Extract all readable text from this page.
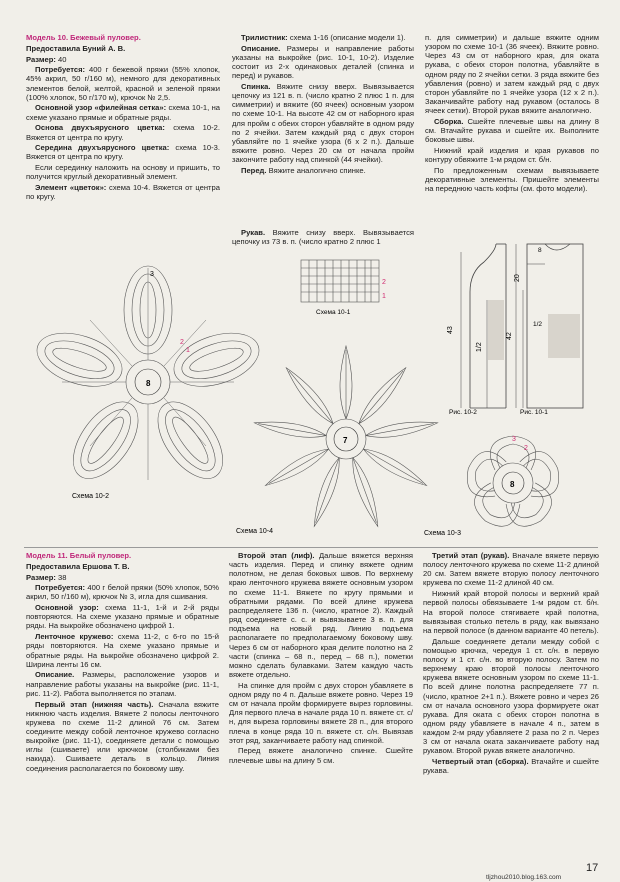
Модель 10. Бежевый пуловер.

Предоставила Буний А. В.

Размер: 40

Потребуется: 400 г бежевой пряжи (55% хлопок, 45% акрил, 50 г/160 м), немного для декоративных элементов белой, желтой, красной и зеленой пряжи (100% хлопок, 50 г/170 м), крючок № 2,5.

Основной узор «филейная сетка»: схема 10-1, на схеме указано прямые и обратные ряды.

Основа двухъярусного цветка: схема 10-2. Вяжется от центра по кругу.

Середина двухъярусного цветка: схема 10-3. Вяжется от центра по кругу.

Если серединку наложить на основу и пришить, то получится круглый декоративный элемент.

Элемент «цветок»: схема 10-4. Вяжется от центра по кругу.

Трилистник: схема 1-16 (описание модели 1).

Описание. Размеры и направление работы указаны на выкройке (рис. 10-1, 10-2). Изделие состоит из 2-х одинаковых деталей (спинка и перед) и рукавов.

Спинка. Вяжите снизу вверх. Вывязывается цепочку из 121 в. п. (число кратно 2 плюс 1 п. для симметрии) и вяжите (60 ячеек) основным узором по схеме 10-1. На высоте 42 см от наборного края для пройм с обеих сторон убавляйте в одном ряду по 2 ячейки. Затем каждый ряд с двух сторон убавляйте по 1 ячейке узора (6 х 2 п.). Дальше вяжите ровно. Через 20 см от начала пройм закончите работу над спинкой (44 ячейки).

Перед. Вяжите аналогично спинке.

Рукав. Вяжите снизу вверх. Вывязывается цепочку из 73 в. п. (число кратно 2 плюс 1

п. для симметрии) и дальше вяжите одним узором по схеме 10-1 (36 ячеек). Вяжите ровно. Через 43 см от наборного края, для оката рукава, с обеих сторон полотна, убавляйте в одном ряду по 2 ячейки сетки. 3 ряда вяжите без убавления (ровно) и затем каждый ряд с двух сторон убавляйте по 1 ячейке узора (12 х 2 п.). Заканчивайте работу над рукавом (осталось 8 ячеек сетки). Второй рукав вяжите аналогично.

Сборка. Сшейте плечевые швы на длину 8 см. Втачайте рукава и сшейте их. Выполните боковые швы.

Нижний край изделия и края рукавов по контуру обвяжите 1-м рядом ст. б/н.

По предложенным схемам вывязываете декоративные элементы. Пришейте элементы на переднюю часть кофты (см. фото модели).

8
3
2
1
Схема 10-2
2
1
Схема 10-1
43
1/2
Рис. 10-2
8
42
20
1/2
Рис. 10-1
7
Схема 10-4
8
3
2
Схема 10-3

Модель 11. Белый пуловер.

Предоставила Ершова Т. В.

Размер: 38

Потребуется: 400 г белой пряжи (50% хлопок, 50% акрил, 50 г/160 м), крючок № 3, игла для сшивания.

Основной узор: схема 11-1, 1-й и 2-й ряды повторяются. На схеме указано прямые и обратные ряды. На выкройке обозначено цифрой 1.

Ленточное кружево: схема 11-2, с 6-го по 15-й ряды повторяются. На схеме указано прямые и обратные ряды. На выкройке обозначено цифрой 2. Ширина ленты 16 см.

Описание. Размеры, расположение узоров и направление работы указаны на выкройке (рис. 11-1, рис. 11-2). Работа выполняется по этапам.

Первый этап (нижняя часть). Сначала вяжите нижнюю часть изделия. Вяжете 2 полосы ленточного кружева по схеме 11-2 длиной 76 см. Затем соедините между собой ленточное кружево согласно выкройке (рис. 11-1), соединяете детали с помощью иглы (сшиваете) или крючком (столбиками без накида). Сшиваете деталь в кольцо. Линия соединения располагается по боковому шву.

Второй этап (лиф). Дальше вяжется верхняя часть изделия. Перед и спинку вяжете одним полотном, не делая боковых швов. По верхнему краю ленточного кружева вяжете основным узором по схеме 11-1. Вяжете по кругу прямыми и обратными рядами. По всей длине кружева распределяете 136 п. (число, кратное 2). Каждый ряд соединяете с. с. и вывязываете 3 в. п. для подъема на новый ряд. Линию подъема располагаете по предполагаемому боковому шву. Через 6 см от наборного края делите полотно на 2 части (спинка – 68 п., перед – 68 п.), пометки можно сделать булавками. Затем каждую часть вяжете отдельно.

На спинке для пройм с двух сторон убавляете в одном ряду по 4 п. Дальше вяжете ровно. Через 19 см от начала пройм формируете вырез горловины. Для первого плеча в начале ряда 10 п. вяжете ст. с/н, для выреза горловины вяжете 28 п., для второго плеча в конце ряда 10 п. вяжете ст. с/н. Вывязав этот ряд, заканчиваете работу над спинкой.

Перед вяжете аналогично спинке. Сшейте плечевые швы на длину 5 см.

Третий этап (рукав). Вначале вяжете первую полосу ленточного кружева по схеме 11-2 длиной 20 см. Затем вяжете вторую полосу ленточного кружева по схеме 11-2 длиной 40 см.

Нижний край второй полосы и верхний край первой полосы обвязываете 1-м рядом ст. б/н. На второй полосе стягиваете край полотна, вывязывая столько петель в ряду, как вывязано на первой полосе (в данном варианте 40 петель).

Дальше соединяете детали между собой с помощью крючка, чередуя 1 ст. с/н. в первую полосу и 1 ст. с/н. во вторую полосу. Затем по верхнему краю второй полосы ленточного кружева вяжете основным узором по схеме 11-1. По всей длине полотна распределяете 77 п. (число, кратное 2+1 п.). Вяжете ровно и через 26 см от начала основного узора формируете окат рукава. Для оката с обеих сторон полотна в одном ряду убавляете в начале 4 п., затем в каждом 2-м ряду убавляете 2 раза по 2 п. Через 3 см от начала оката заканчиваете работу над рукавом. Второй рукав вяжете аналогично.

Четвертый этап (сборка). Втачайте и сшейте рукава.

17
tljzhou2010.blog.163.com
